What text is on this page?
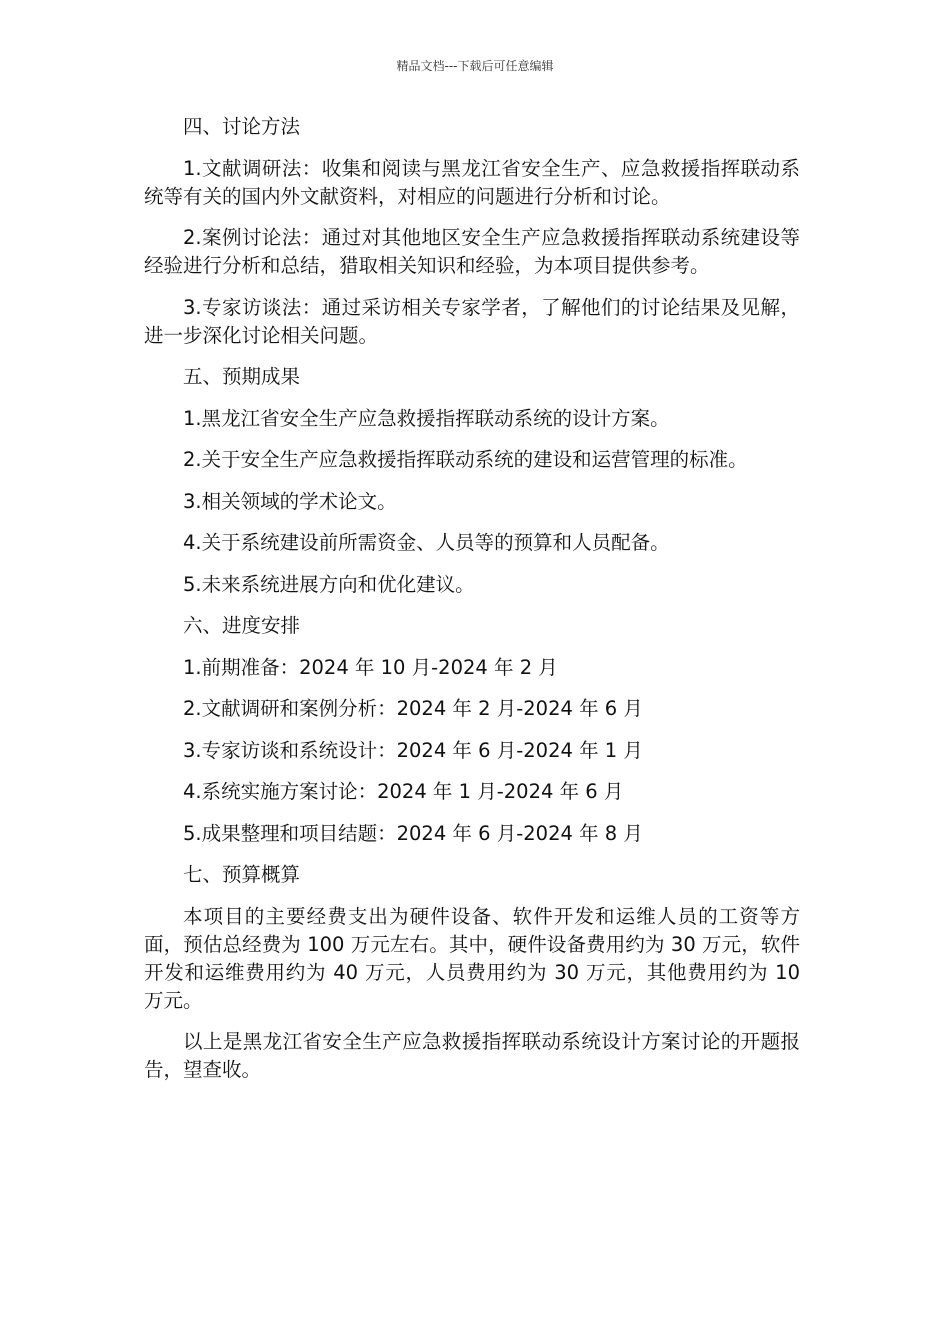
精品文档---下载后可任意编辑

四、讨论方法

1.文献调研法：收集和阅读与黑龙江省安全生产、应急救援指挥联动系统等有关的国内外文献资料，对相应的问题进行分析和讨论。

2.案例讨论法：通过对其他地区安全生产应急救援指挥联动系统建设等经验进行分析和总结，猎取相关知识和经验，为本项目提供参考。

3.专家访谈法：通过采访相关专家学者，了解他们的讨论结果及见解，进一步深化讨论相关问题。

五、预期成果

1.黑龙江省安全生产应急救援指挥联动系统的设计方案。

2.关于安全生产应急救援指挥联动系统的建设和运营管理的标准。

3.相关领域的学术论文。

4.关于系统建设前所需资金、人员等的预算和人员配备。

5.未来系统进展方向和优化建议。

六、进度安排

1.前期准备：2024 年 10 月-2024 年 2 月

2.文献调研和案例分析：2024 年 2 月-2024 年 6 月

3.专家访谈和系统设计：2024 年 6 月-2024 年 1 月

4.系统实施方案讨论：2024 年 1 月-2024 年 6 月

5.成果整理和项目结题：2024 年 6 月-2024 年 8 月

七、预算概算

本项目的主要经费支出为硬件设备、软件开发和运维人员的工资等方面，预估总经费为 100 万元左右。其中，硬件设备费用约为 30 万元，软件开发和运维费用约为 40 万元，人员费用约为 30 万元，其他费用约为 10 万元。

以上是黑龙江省安全生产应急救援指挥联动系统设计方案讨论的开题报告，望查收。
